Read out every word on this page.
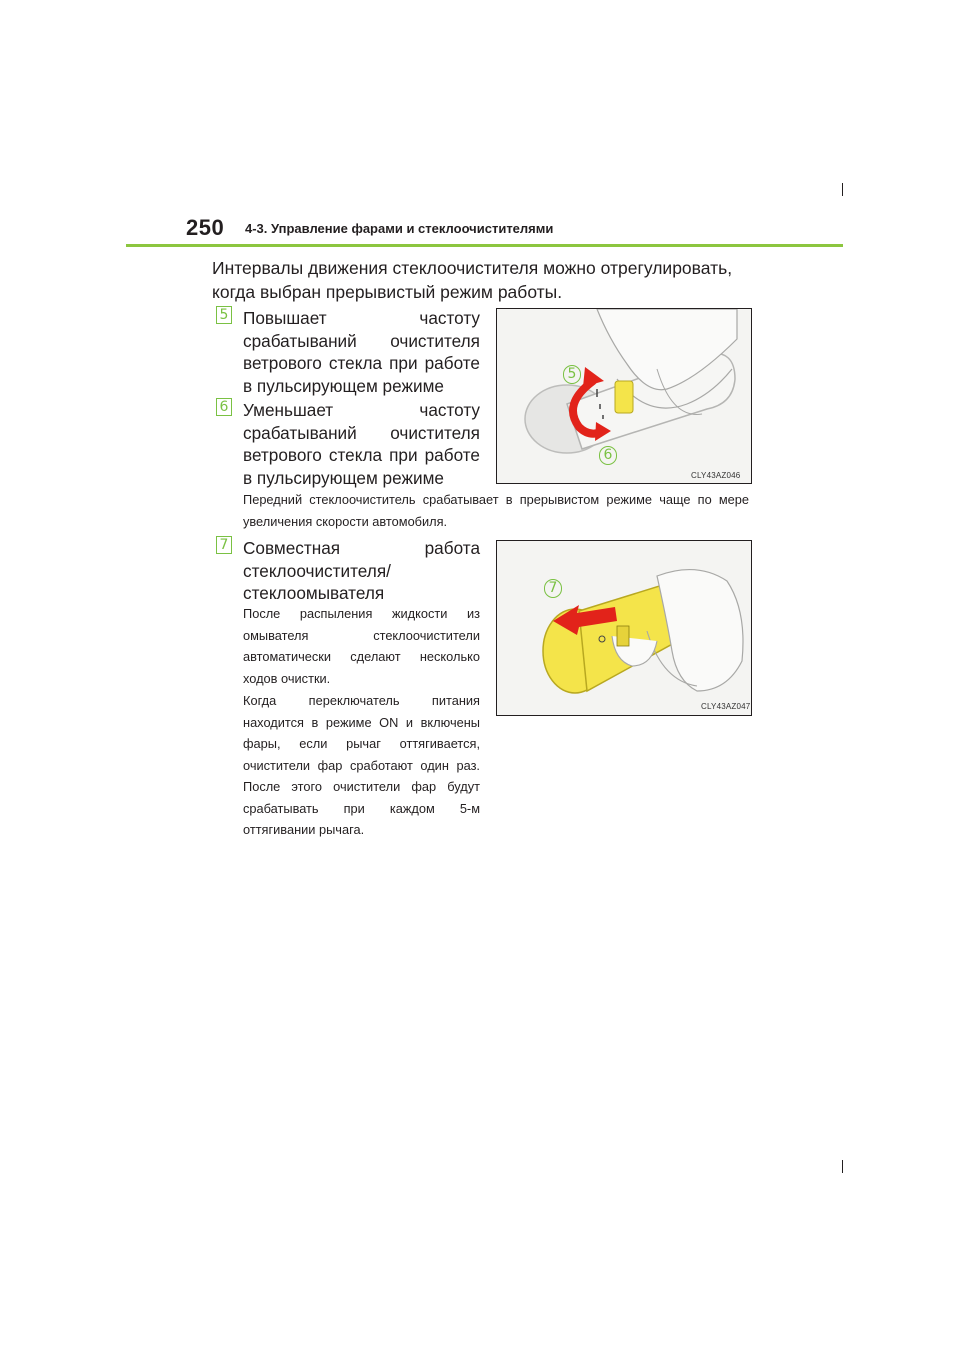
250 4-3. Управление фарами и стеклоочистителями
Интервалы движения стеклоочистителя можно отрегулировать, когда выбран прерывистый режим работы.
5 Повышает частоту срабатываний очистителя ветрового стекла при работе в пульсирующем режиме
6 Уменьшает частоту срабатываний очистителя ветрового стекла при работе в пульсирующем режиме
5
6
CLY43AZ046
Передний стеклоочиститель срабатывает в прерывистом режиме чаще по мере увеличения скорости автомобиля.
7 Совместная работа стеклоочистителя/ стеклоомывателя	7
CLY43AZ047
После распыления жидкости из омывателя стеклоочистители автоматически сделают несколько ходов очистки.
Когда переключатель питания находится в режиме ON и включены фары, если рычаг оттягивается, очистители фар сработают один раз. После этого очистители фар будут срабатывать при каждом 5-м оттягивании рычага.
